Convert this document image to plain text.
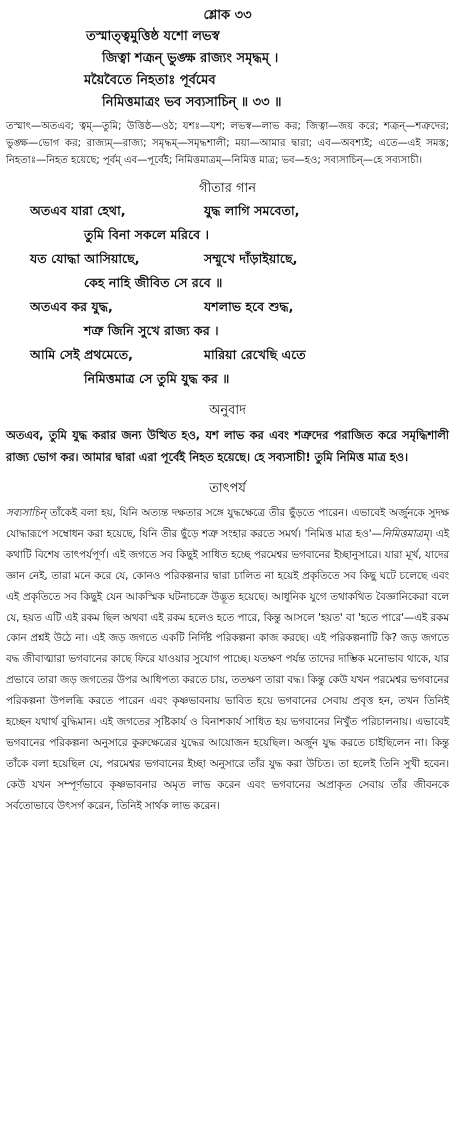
শ্লোক ৩৩
তস্মাত্ত্বমুত্তিষ্ঠ যশো লভস্ব
জিত্বা শত্রূন্ ভুঙ্ক্ষ রাজ্যং সমৃদ্ধম্ ।
ময়ৈবৈতে নিহতাঃ পূর্বমেব
নিমিত্তমাত্রং ভব সব্যসাচিন্ ॥ ৩৩ ॥

তস্মাৎ—অতএব; ত্বম্—তুমি; উত্তিষ্ঠ—ওঠ; যশঃ—যশ; লভস্ব—লাভ কর; জিত্বা—জয় করে; শত্রূন্—শত্রুদের; ভুঙ্ক্ষ—ভোগ কর; রাজ্যম্—রাজ্য; সমৃদ্ধম্—সমৃদ্ধশালী; ময়া—আমার দ্বারা; এব—অবশ্যই; এতে—এই সমস্ত; নিহতাঃ—নিহত হয়েছে; পূর্বম্ এব—পূর্বেই; নিমিত্তমাত্রম্—নিমিত্ত মাত্র; ভব—হও; সব্যসাচিন্—হে সব্যসাচী।

গীতার গান
অতএব যারা হেথা,	যুদ্ধ লাগি সমবেতা,
তুমি বিনা সকলে মরিবে ।
যত যোদ্ধা আসিয়াছে,	সম্মুখে দাঁড়াইয়াছে,
কেহ নাহি জীবিত সে রবে ॥
অতএব কর যুদ্ধ,	যশলাভ হবে শুদ্ধ,
শত্রু জিনি সুখে রাজ্য কর ।
আমি সেই প্রথমেতে,	মারিয়া রেখেছি এতে
নিমিত্তমাত্র সে তুমি যুদ্ধ কর ॥
অনুবাদ

অতএব, তুমি যুদ্ধ করার জন্য উত্থিত হও, যশ লাভ কর এবং শত্রুদের পরাজিত করে সমৃদ্ধিশালী রাজ্য ভোগ কর। আমার দ্বারা এরা পূর্বেই নিহত হয়েছে। হে সব্যসাচী! তুমি নিমিত্ত মাত্র হও।

তাৎপর্য

সব্যসাচিন্ তাঁকেই বলা হয়, যিনি অত্যন্ত দক্ষতার সঙ্গে যুদ্ধক্ষেত্রে তীর ছুঁড়তে পারেন। এভাবেই অর্জুনকে সুদক্ষ যোদ্ধারূপে সম্বোধন করা হয়েছে, যিনি তীর ছুঁড়ে শত্রু সংহার করতে সমর্থ। 'নিমিত্ত মাত্র হও'—নিমিত্তমাত্রম্। এই কথাটি বিশেষ তাৎপর্যপূর্ণ। এই জগতে সব কিছুই সাধিত হচ্ছে পরমেশ্বর ভগবানের ইচ্ছানুসারে। যারা মূর্খ, যাদের জ্ঞান নেই, তারা মনে করে যে, কোনও পরিকল্পনার দ্বারা চালিত না হয়েই প্রকৃতিতে সব কিছু ঘটে চলেছে এবং এই প্রকৃতিতে সব কিছুই যেন আকস্মিক ঘটনাচক্রে উদ্ভূত হয়েছে। আধুনিক যুগে তথাকথিত বৈজ্ঞানিকেরা বলে যে, হয়ত এটি এই রকম ছিল অথবা এই রকম হলেও হতে পারে, কিন্তু আসলে 'হয়ত' বা 'হতে পারে'—এই রকম কোন প্রশ্নই উঠে না। এই জড় জগতে একটি নির্দিষ্ট পরিকল্পনা কাজ করছে। এই পরিকল্পনাটি কি? জড় জগতে বদ্ধ জীবাত্মারা ভগবানের কাছে ফিরে যাওয়ার সুযোগ পাচ্ছে। যতক্ষণ পর্যন্ত তাদের দাম্ভিক মনোভাব থাকে, যার প্রভাবে তারা জড় জগতের উপর আধিপত্য করতে চায়, ততক্ষণ তারা বদ্ধ। কিন্তু কেউ যখন পরমেশ্বর ভগবানের পরিকল্পনা উপলব্ধি করতে পারেন এবং কৃষ্ণভাবনায় ভাবিত হয়ে ভগবানের সেবায় প্রবৃত্ত হন, তখন তিনিই হচ্ছেন যথার্থ বুদ্ধিমান। এই জগতের সৃষ্টিকার্য ও বিনাশকার্য সাধিত হয় ভগবানের নিখুঁত পরিচালনায়। এভাবেই ভগবানের পরিকল্পনা অনুসারে কুরুক্ষেত্রের যুদ্ধের আয়োজন হয়েছিল। অর্জুন যুদ্ধ করতে চাইছিলেন না। কিন্তু তাঁকে বলা হয়েছিল যে, পরমেশ্বর ভগবানের ইচ্ছা অনুসারে তাঁর যুদ্ধ করা উচিত। তা হলেই তিনি সুখী হবেন। কেউ যখন সম্পূর্ণভাবে কৃষ্ণভাবনার অমৃত লাভ করেন এবং ভগবানের অপ্রাকৃত সেবায় তাঁর জীবনকে সর্বতোভাবে উৎসর্গ করেন, তিনিই সার্থক লাভ করেন।
